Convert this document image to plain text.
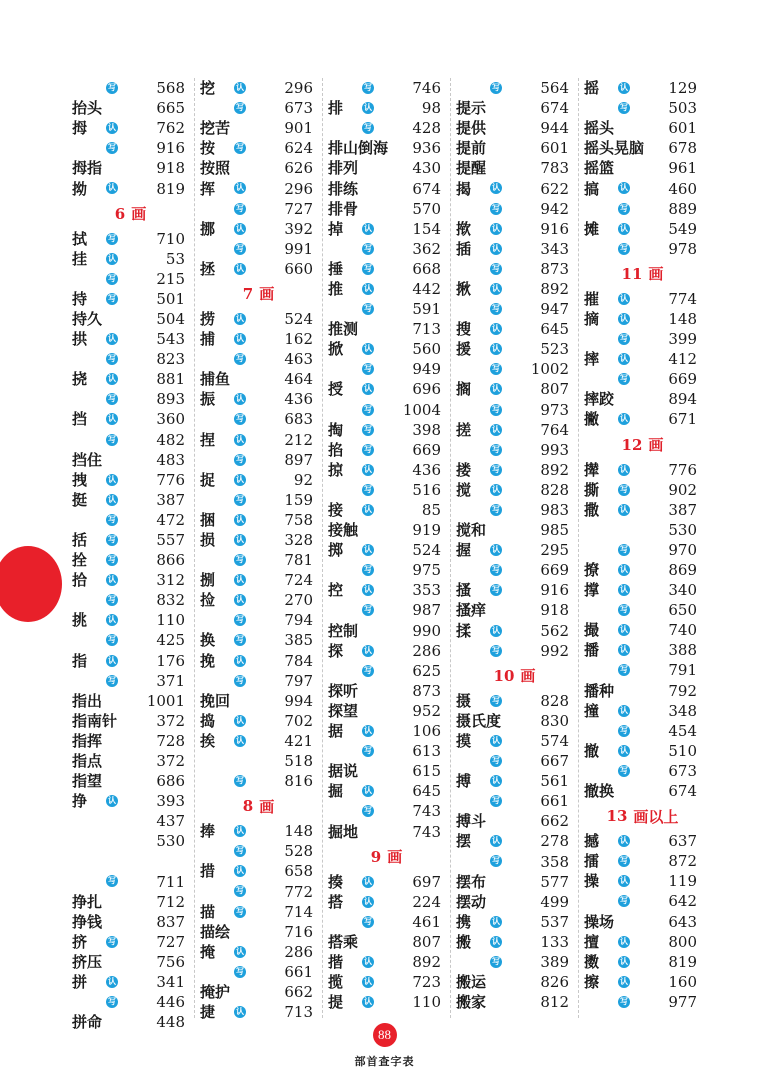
写	568
抬头	665
拇	认	762
写	916
拇指	918
拗	认	819
6 画
拭	写	710
挂	认	53
写	215
持	写	501
持久	504
拱	认	543
写	823
挠	认	881
写	893
挡	认	360
写	482
挡住	483
拽	认	776
挺	认	387
写	472
括	写	557
拴	写	866
拾	认	312
写	832
挑	认	110
写	425
指	认	176
写	371
指出	1001
指南针	372
指挥	728
指点	372
指望	686
挣	认	393
437
530
写	711
挣扎	712
挣钱	837
挤	写	727
挤压	756
拼	认	341
写	446
拼命	448
挖	认	296
写	673
挖苦	901
按	写	624
按照	626
挥	认	296
写	727
挪	认	392
写	991
拯	认	660
7 画
捞	认	524
捕	认	162
写	463
捕鱼	464
振	认	436
写	683
捏	认	212
写	897
捉	认	92
写	159
捆	认	758
损	认	328
写	781
捌	认	724
捡	认	270
写	794
换	写	385
挽	认	784
写	797
挽回	994
捣	认	702
挨	认	421
518
写	816
8 画
捧	认	148
写	528
措	认	658
写	772
描	写	714
描绘	716
掩	认	286
写	661
掩护	662
捷	认	713
写	746
排	认	98
写	428
排山倒海 936
排列	430
排练	674
排骨	570
掉	认	154
写	362
捶	写	668
推	认	442
写	591
推测	713
掀	认	560
写	949
授	认	696
写 1004
掏	写	398
掐	写	669
掠	认	436
写	516
接	认	85
接触	919
掷	认	524
写	975
控	认	353
写	987
控制	990
探	认	286
写	625
探听	873
探望	952
据	认	106
写	613
据说	615
掘	认	645
写	743
掘地	743
9 画
揍	认	697
搭	认	224
写	461
搭乘	807
揩	认	892
揽	认	723
提	认	110
写	564
提示	674
提供	944
提前	601
提醒	783
揭	认	622
写	942
揿	认	916
插	认	343
写	873
揪	认	892
写	947
搜	认	645
援	认	523
写 1002
搁	认	807
写	973
搓	认	764
写	993
搂	写	892
搅	认	828
写	983
搅和	985
握	认	295
写	669
搔	写	916
搔痒	918
揉	认	562
写	992
10 画
摄	写	828
摄氏度	830
摸	认	574
写	667
搏	认	561
写	661
搏斗	662
摆	认	278
写	358
摆布	577
摆动	499
携	认	537
搬	认	133
写	389
搬运	826
搬家	812
摇	认	129
写	503
摇头	601
摇头晃脑 678
摇篮	961
搞	认	460
写	889
摊	认	549
写	978
11 画
摧	认	774
摘	认	148
写	399
摔	认	412
写	669
摔跤	894
撇	认	671
12 画
撵	认	776
撕	写	902
撒	认	387
530
写	970
撩	认	869
撑	认	340
写	650
撮	认	740
播	认	388
写	791
播种	792
撞	认	348
写	454
撤	认	510
写	673
撤换	674
13 画以上
撼	认	637
擂	写	872
操	认	119
写	642
操场	643
擅	认	800
擞	认	819
擦	认	160
写	977
88
部首查字表
